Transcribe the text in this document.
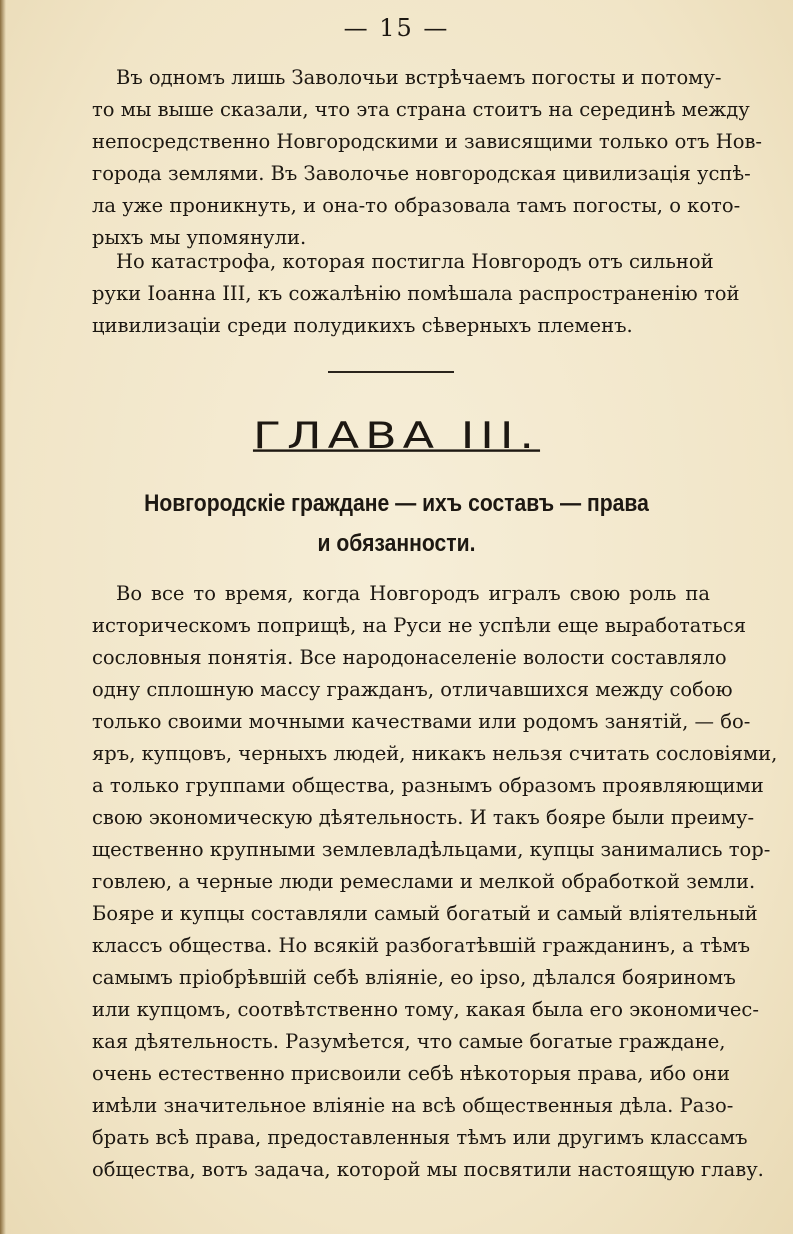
— 15 —
Въ одномъ лишь Заволочьи встрѣчаемъ погосты и потому-
то мы выше сказали, что эта страна стоитъ на серединѣ между
непосредственно Новгородскими и зависящими только отъ Нов-
города землями. Въ Заволочье новгородская цивилизація успѣ-
ла уже проникнуть, и она-то образовала тамъ погосты, о кото-
рыхъ мы упомянули.
Но катастрофа, которая постигла Новгородъ отъ сильной
руки Іоанна III, къ сожалѣнію помѣшала распространенію той
цивилизаціи среди полудикихъ сѣверныхъ племенъ.
ГЛАВА III.
Новгородскіе граждане — ихъ составъ — права
и обязанности.
Во все то время, когда Новгородъ игралъ свою роль па
историческомъ поприщѣ, на Руси не успѣли еще выработаться
сословныя понятія. Все народонаселеніе волости составляло
одну сплошную массу гражданъ, отличавшихся между собою
только своими мочными качествами или родомъ занятій, — бо-
яръ, купцовъ, черныхъ людей, никакъ нельзя считать сословіями,
а только группами общества, разнымъ образомъ проявляющими
свою экономическую дѣятельность. И такъ бояре были преиму-
щественно крупными землевладѣльцами, купцы занимались тор-
говлею, а черные люди ремеслами и мелкой обработкой земли.
Бояре и купцы составляли самый богатый и самый вліятельный
классъ общества. Но всякій разбогатѣвшій гражданинъ, а тѣмъ
самымъ пріобрѣвшій себѣ вліяніе, eo ipso, дѣлался бояриномъ
или купцомъ, соотвѣтственно тому, какая была его экономичес-
кая дѣятельность. Разумѣется, что самые богатые граждане,
очень естественно присвоили себѣ нѣкоторыя права, ибо они
имѣли значительное вліяніе на всѣ общественныя дѣла. Разо-
брать всѣ права, предоставленныя тѣмъ или другимъ классамъ
общества, вотъ задача, которой мы посвятили настоящую главу.
